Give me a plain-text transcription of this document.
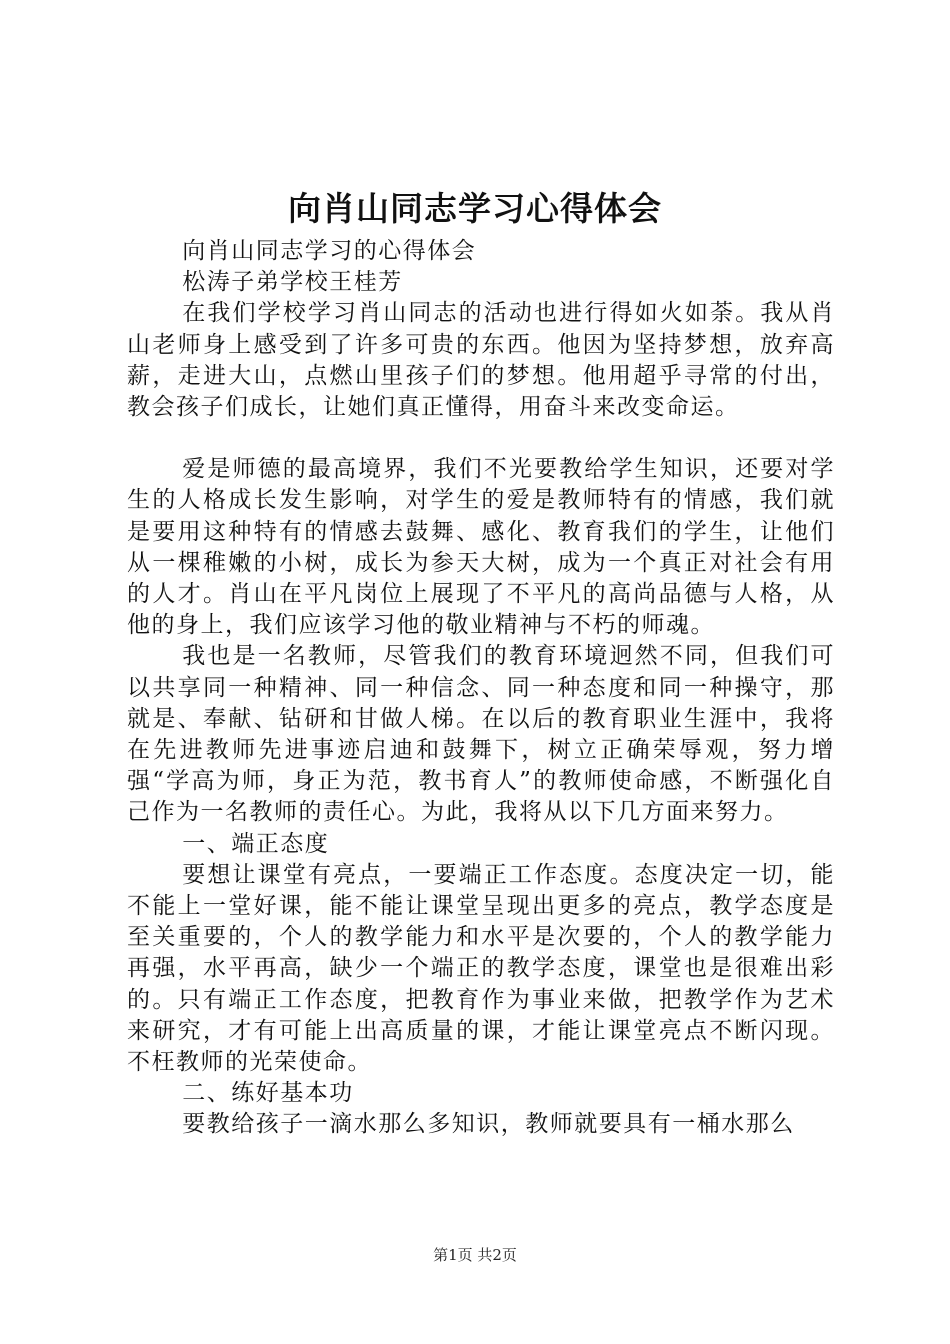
向肖山同志学习心得体会

向肖山同志学习的心得体会

松涛子弟学校王桂芳

在我们学校学习肖山同志的活动也进行得如火如荼。我从肖山老师身上感受到了许多可贵的东西。他因为坚持梦想，放弃高薪，走进大山，点燃山里孩子们的梦想。他用超乎寻常的付出，教会孩子们成长，让她们真正懂得，用奋斗来改变命运。

爱是师德的最高境界，我们不光要教给学生知识，还要对学生的人格成长发生影响，对学生的爱是教师特有的情感，我们就是要用这种特有的情感去鼓舞、感化、教育我们的学生，让他们从一棵稚嫩的小树，成长为参天大树，成为一个真正对社会有用的人才。肖山在平凡岗位上展现了不平凡的高尚品德与人格，从他的身上，我们应该学习他的敬业精神与不朽的师魂。

我也是一名教师，尽管我们的教育环境迥然不同，但我们可以共享同一种精神、同一种信念、同一种态度和同一种操守，那就是、奉献、钻研和甘做人梯。在以后的教育职业生涯中，我将在先进教师先进事迹启迪和鼓舞下，树立正确荣辱观，努力增强“学高为师，身正为范，教书育人”的教师使命感，不断强化自己作为一名教师的责任心。为此，我将从以下几方面来努力。

一、端正态度

要想让课堂有亮点，一要端正工作态度。态度决定一切，能不能上一堂好课，能不能让课堂呈现出更多的亮点，教学态度是至关重要的，个人的教学能力和水平是次要的，个人的教学能力再强，水平再高，缺少一个端正的教学态度，课堂也是很难出彩的。只有端正工作态度，把教育作为事业来做，把教学作为艺术来研究，才有可能上出高质量的课，才能让课堂亮点不断闪现。不枉教师的光荣使命。

二、练好基本功

要教给孩子一滴水那么多知识，教师就要具有一桶水那么

第1页 共2页
